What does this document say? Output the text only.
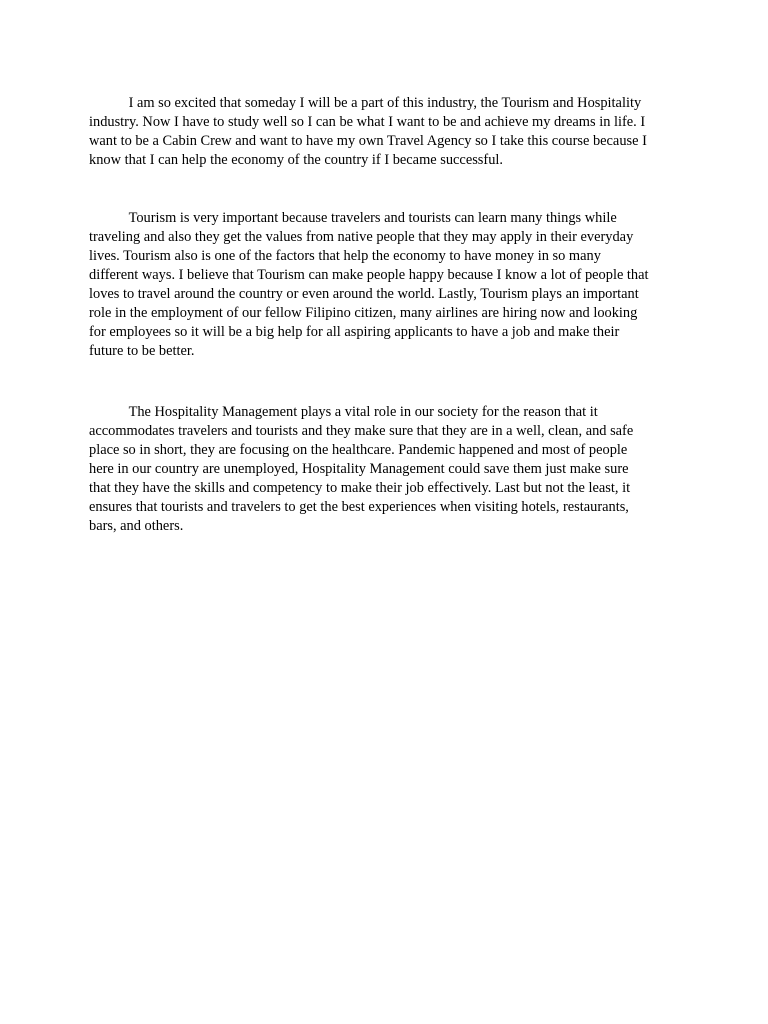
I am so excited that someday I will be a part of this industry, the Tourism and Hospitality
industry. Now I have to study well so I can be what I want to be and achieve my dreams in life. I
want to be a Cabin Crew and want to have my own Travel Agency so I take this course because I
know that I can help the economy of the country if I became successful.

Tourism is very important because travelers and tourists can learn many things while
traveling and also they get the values from native people that they may apply in their everyday
lives. Tourism also is one of the factors that help the economy to have money in so many
different ways. I believe that Tourism can make people happy because I know a lot of people that
loves to travel around the country or even around the world. Lastly, Tourism plays an important
role in the employment of our fellow Filipino citizen, many airlines are hiring now and looking
for employees so it will be a big help for all aspiring applicants to have a job and make their
future to be better.

The Hospitality Management plays a vital role in our society for the reason that it
accommodates travelers and tourists and they make sure that they are in a well, clean, and safe
place so in short, they are focusing on the healthcare. Pandemic happened and most of people
here in our country are unemployed, Hospitality Management could save them just make sure
that they have the skills and competency to make their job effectively. Last but not the least, it
ensures that tourists and travelers to get the best experiences when visiting hotels, restaurants,
bars, and others.
